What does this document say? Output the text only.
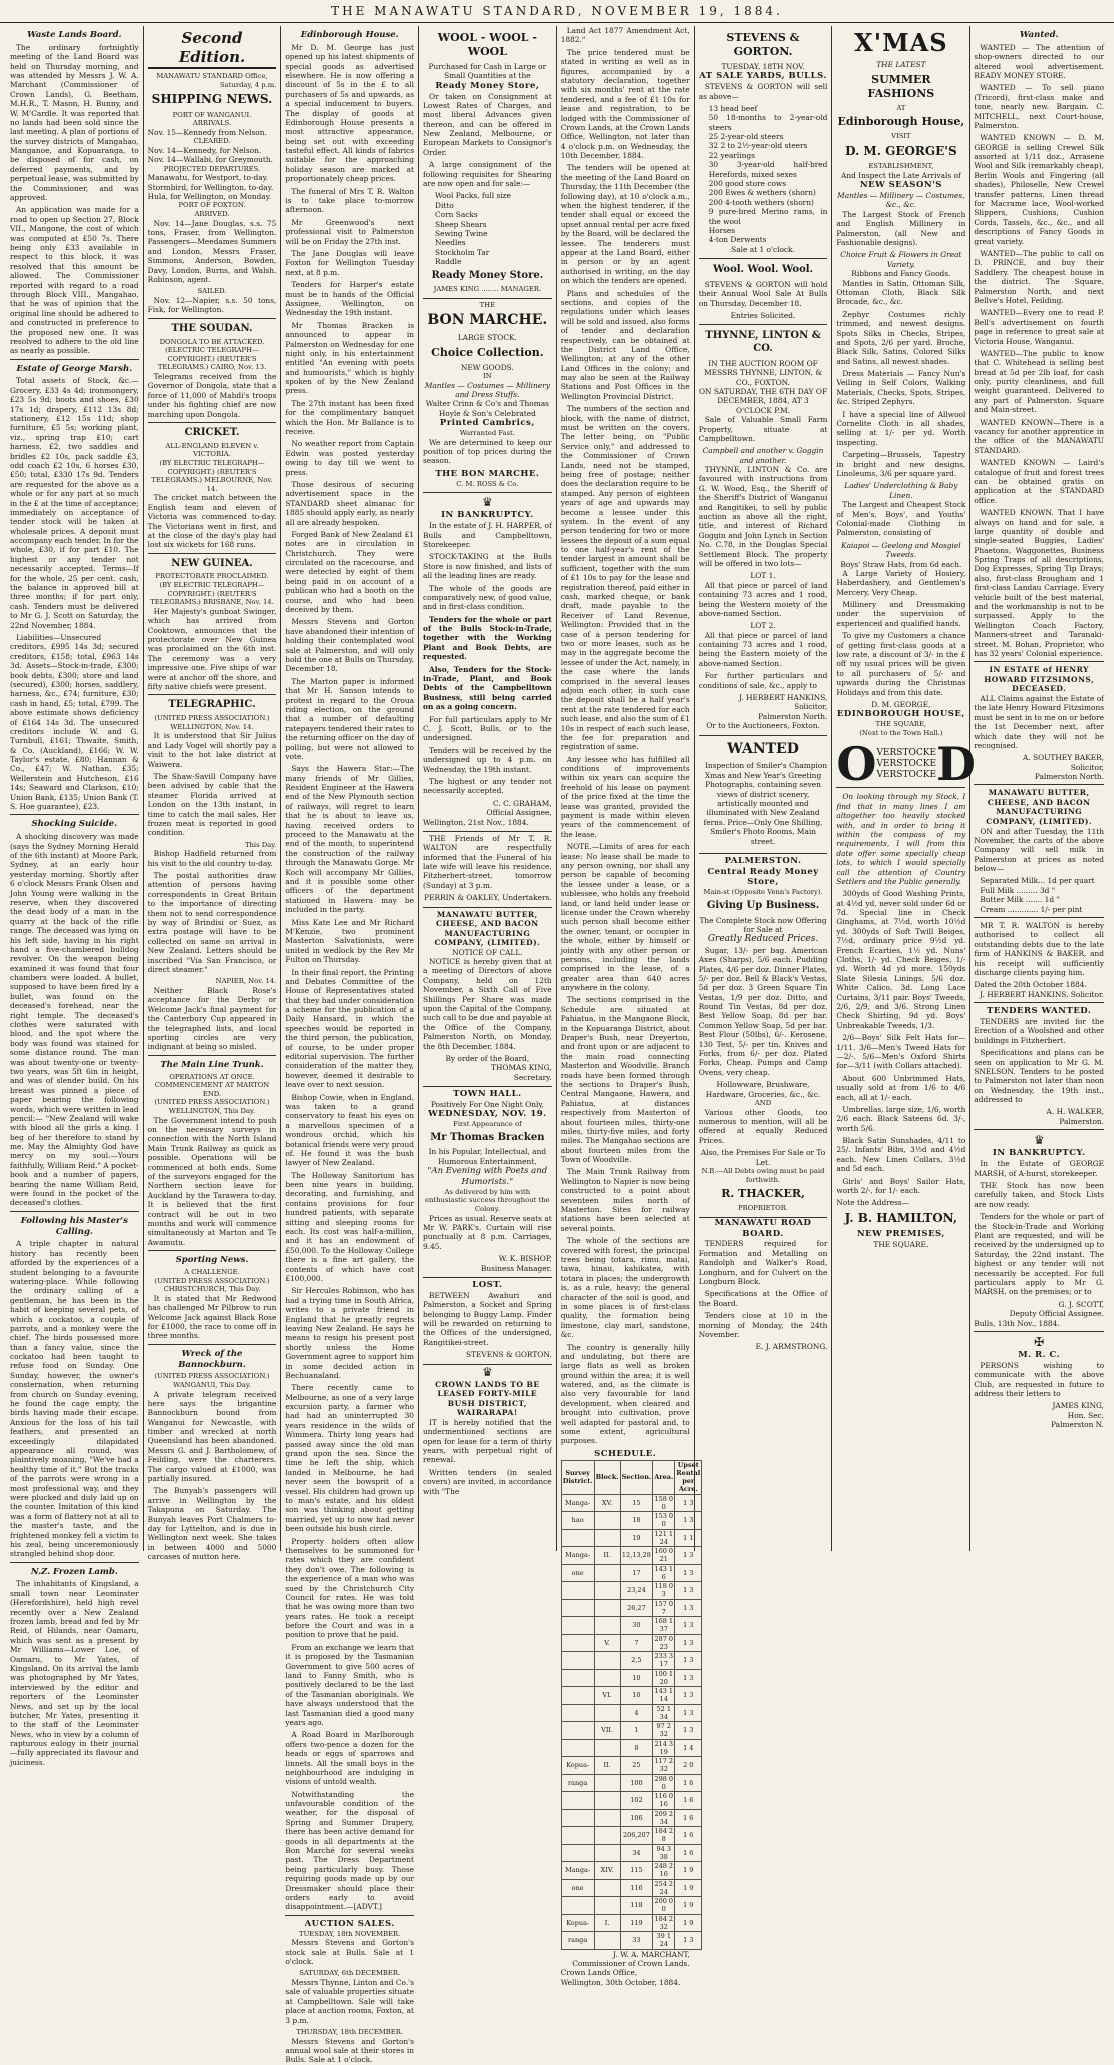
THE MANAWATU STANDARD, NOVEMBER 19, 1884.
Waste Lands Board.

The ordinary fortnightly meeting of the Land Board was held on Thursday morning, and was attended by Messrs J. W. A. Marchant (Commissioner of Crown Lands), G. Beetham, M.H.R., T. Mason, H. Bunny, and W. M'Cardle. It was reported that no lands had been sold since the last meeting. A plan of portions of the survey districts of Mangahao, Manganoe, and Kopuaranga, to be disposed of for cash, on deferred payments, and by perpetual lease, was submitted by the Commissioner, and was approved.

An application was made for a road to open up Section 27, Block VII., Mangone, the cost of which was computed at £50 7s. There being only £33 available in respect to this block, it was resolved that this amount be allowed. The Commissioner reported with regard to a road through Block VIII., Mangahao, that he was of opinion that the original line should be adhered to and constructed in preference to the proposed new one. It was resolved to adhere to the old line as nearly as possible.

Estate of George Marsh.

Total assets of Stock, &c.—Grocery, £33 4s 4d; ironmongery, £23 5s 9d; boots and shoes, £30 17s 1d; drapery, £112 13s 8d; stationery, £12 15s 11d; shop furniture, £5 5s; working plant, viz., spring trap £10; cart harness, £2, two saddles and bridles £2 10s, pack saddle £3, odd coach £2 10s, 6 horses £30, £50; total, £330 17s 9d. Tenders are requested for the above as a whole or for any part at so much in the £ at the time of acceptance; immediately on acceptance of tender stock will be taken at wholesale prices. A deposit must accompany each tender. In for the whole, £30, if for part £10. The highest or any tender not necessarily accepted. Terms—If for the whole, 25 per cent. cash, the balance in approved bill at three months; if for part only, cash. Tenders must be delivered to Mr G. J. Scott on Saturday, the 22nd November, 1884.

Liabilities—Unsecured creditors, £995 14s 3d; secured creditors, £158; total, £963 14s 3d. Assets—Stock-in-trade, £300; book debts, £300; store and land (secured), £300; horses, saddlery, harness, &c., £74; furniture, £30; cash in hand, £5; total, £799. The above estimate shows deficiency of £164 14s 3d. The unsecured creditors include W. and G. Turnbull, £161; Thwaite, Smith, & Co. (Auckland), £166; W. W. Taylor's estate, £80; Hannan & Co., £47; W. Nathan, £35; Wellerstein and Hutcheson, £16 14s; Seaward and Clarkson, £10; Union Bank, £135; Union Bank (T. S. Hoe guarantee), £23.

Shocking Suicide.

A shocking discovery was made (says the Sydney Morning Herald of the 6th instant) at Moore Park, Sydney, at an early hour yesterday morning. Shortly after 6 o'clock Messrs Frank Olsen and John Young were walking in the reserve, when they discovered the dead body of a man in the quarry at the back of the rifle range. The deceased was lying on his left side, having in his right hand a five-chambered bulldog revolver. On the weapon being examined it was found that four chambers were loaded. A bullet, supposed to have been fired by a bullet, was found on the deceased's forehead, near the right temple. The deceased's clothes were saturated with blood, and the spot where the body was found was stained for some distance round. The man was about twenty-one or twenty-two years, was 5ft 6in in height, and was of slender build. On his breast was pinned a piece of paper bearing the following words, which were written in lead pencil:— "New Zealand will wake with blood all the girls a king. I beg of her therefore to stand by me. May the Almighty God have mercy on my soul.—Yours faithfully, William Reid." A pocket-book and a number of papers, bearing the name William Reid, were found in the pocket of the deceased's clothes.

Following his Master's Calling.

A triple chapter in natural history has recently been afforded by the experiences of a student belonging to a favourite watering-place. While following the ordinary calling of a gentleman, he has been in the habit of keeping several pets, of which a cockatoo, a couple of parrots, and a monkey were the chief. The birds possessed more than a fancy value, since the cockatoo had been taught to refuse food on Sunday. One Sunday, however, the owner's consternation, when returning from church on Sunday evening, he found the cage empty, the birds having made their escape. Anxious for the loss of his tail feathers, and presented an exceedingly dilapidated appearance all round, was plaintively moaning, "We've had a healthy time of it." But the tracks of the parrots were wrong in a most professional way, and they were plucked and duly laid up on the counter. Imitation of this kind was a form of flattery not at all to the master's taste, and the frightened monkey fell a victim to his zeal, being unceremoniously strangled behind shop door.

N.Z. Frozen Lamb.

The inhabitants of Kingsland, a small town near Leominster (Herefordshire), held high revel recently over a New Zealand frozen lamb, bread and fed by Mr Reid, of Hilands, near Oamaru, which was sent as a present by Mr Williams—Lower Loe, of Oamaru, to Mr Yates, of Kingsland. On its arrival the lamb was photographed by Mr Yates, interviewed by the editor and reporters of the Leominster News, and set up by the local butcher, Mr Yates, presenting it to the staff of the Leominster News, who in view by a column of rapturous eulogy in their journal—fully appreciated its flavour and juiciness.

Second Edition.
MANAWATU STANDARD Office,
Saturday, 4 p.m.
SHIPPING NEWS.
PORT OF WANGANUI.
ARRIVALS.
Nov. 15—Kennedy from Nelson.
CLEARED.
Nov. 14—Kennedy, for Nelson.
Nov. 14—Wallabi, for Greymouth.
PROJECTED DEPARTURES.
Manawatu, for Westport, to-day.
Stormbird, for Wellington, to-day.
Hula, for Wellington, on Monday.
PORT OF FOXTON.
ARRIVED.

Nov. 14—Jane Douglas, s.s. 75 tons, Fraser, from Wellington. Passengers—Meedames Summers and London, Messrs Fraser, Simmons, Anderson, Bowden, Davy, London, Burns, and Walsh. Robinson, agent.

SAILED.

Nov. 12—Napier, s.s. 50 tons, Fisk, for Wellington.

THE SOUDAN.
DONGOLA TO BE ATTACKED.
(ELECTRIC TELEGRAPH—COPYRIGHT.) (REUTER'S TELEGRAMS.) CAIRO, Nov. 13.

Telegrams received from the Governor of Dongola, state that a force of 11,000 of Mahdi's troops under his fighting chief are now marching upon Dongola.

CRICKET.
ALL-ENGLAND ELEVEN v. VICTORIA.
(BY ELECTRIC TELEGRAPH—COPYRIGHT.) (REUTER'S TELEGRAMS.) MELBOURNE, Nov. 14.

The cricket match between the English team and eleven of Victoria was commenced to-day. The Victorians went in first, and at the close of the day's play had lost six wickets for 168 runs.

NEW GUINEA.
PROTECTORATE PROCLAIMED.
(BY ELECTRIC TELEGRAPH—COPYRIGHT.) (REUTER'S TELEGRAMS.) BRISBANE, Nov. 14.

Her Majesty's gunboat Swinger, which has arrived from Cooktown, announces that the protectorate over New Guinea was proclaimed on the 6th inst. The ceremony was a very impressive one. Five ships of war were at anchor off the shore, and fifty native chiefs were present.

TELEGRAPHIC.
(UNITED PRESS ASSOCIATION.) WELLINGTON, Nov. 14.

It is understood that Sir Julius and Lady Vogel will shortly pay a visit to the hot lake district at Waiwera.

The Shaw-Savill Company have been advised by cable that the steamer Florida arrived at London on the 13th instant, in time to catch the mail sales. Her frozen meat is reported in good condition.

This Day.

Bishop Hadfield returned from his visit to the old country to-day.

The postal authorities draw attention of persons having correspondents in Great Britain to the importance of directing them not to send correspondence by way of Brindisi or Suez, as extra postage will have to be collected on same on arrival in New Zealand. Letters should be inscribed "Via San Francisco, or direct steamer."

NAPIER, Nov. 14.

Neither Black Rose's acceptance for the Derby or Welcome Jack's final payment for the Canterbury Cup appeared in the telegraphed lists, and local sporting circles are very indignant at being so misled.

The Main Line Trunk.
OPERATIONS AT ONCE.
COMMENCEMENT AT MARTON END.
(UNITED PRESS ASSOCIATION.) WELLINGTON, This Day.

The Government intend to push on the necessary surveys in connection with the North Island Main Trunk Railway as quick as possible. Operations will be commenced at both ends. Some of the surveyors engaged for the Northern section leave for Auckland by the Tarawera to-day. It is believed that the first contract will be out in two months and work will commence simultaneously at Marton and Te Awamutu.

Sporting News.
A CHALLENGE.
(UNITED PRESS ASSOCIATION.) CHRISTCHURCH, This Day.

It is stated that Mr Redwood has challenged Mr Pilbrow to run Welcome Jack against Black Rose for £1000, the race to come off in three months.

Wreck of the Bannockburn.
(UNITED PRESS ASSOCIATION.) WANGANUI, This Day.

A private telegram received here says the brigantine Bannockburn bound from Wanganui for Newcastle, with timber and wrecked at north Queensland has been abandoned. Messrs G. and J. Bartholomew, of Feilding, were the charterers. The cargo valued at £1000, was partially insured.

The Bunyah's passengers will arrive in Wellington by the Takapuna on Saturday. The Bunyah leaves Port Chalmers to-day for Lyttelton, and is due in Wellington next week. She takes in between 4000 and 5000 carcases of mutton here.

Edinborough House.

Mr D. M. George has just opened up his latest shipments of special goods as advertised elsewhere. He is now offering a discount of 5s in the £ to all purchasers of 5s and upwards, as a special inducement to buyers. The display of goods at Edinborough House presents a most attractive appearance, being set out with exceeding tasteful effect. All kinds of fabrics suitable for the approaching holiday season are marked at proportionately cheap prices.

The funeral of Mrs T. R. Walton is to take place to-morrow afternoon.

Mr Greenwood's next professional visit to Palmerston will be on Friday the 27th inst.

The Jane Douglas will leave Foxton for Wellington Tuesday next, at 8 p.m.

Tenders for Harper's estate must be in hands of the Official Assignee, Wellington, on Wednesday the 19th instant.

Mr Thomas Bracken is announced to appear in Palmerston on Wednesday for one night only, in his entertainment entitled "An evening with poets and humourists," which is highly spoken of by the New Zealand press.

The 27th instant has been fixed for the complimentary banquet which the Hon. Mr Ballance is to receive.

No weather report from Captain Edwin was posted yesterday owing to day till we went to press.

Those desirous of securing advertisement space in the STANDARD sheet almanac for 1885 should apply early, as nearly all are already bespoken.

Forged Bank of New Zealand £1 notes are in circulation in Christchurch. They were circulated on the racecourse, and were detected by eight of them being paid in on account of a publican who had a booth on the course, and who had been deceived by them.

Messrs Stevens and Gorton have abandoned their intention of holding their contemplated wool sale at Palmerston, and will only hold the one at Bulls on Thursday, December 18.

The Marton paper is informed that Mr H. Sanson intends to protest in regard to the Oroua riding election, on the ground that a number of defaulting ratepayers tendered their rates to the returning officer on the day of polling, but were not allowed to vote.

Says the Hawera Star:—The many friends of Mr Gillies, Resident Engineer at the Hawera end of the New Plymouth section of railways, will regret to learn that he is about to leave us, having received orders to proceed to the Manawatu at the end of the month, to superintend the construction of the railway through the Manawatu Gorge. Mr Koch will accompany Mr Gillies, and it is possible some other officers of the department stationed in Hawera may be included in the party.

Miss Kate Lee and Mr Richard M'Kenzie, two prominent Masterton Salvationists, were united in wedlock by the Rev Mr Fulton on Thursday.

In their final report, the Printing and Debates Committee of the House of Representatives stated that they had under consideration a scheme for the publication of a Daily Hansard, in which the speeches would be reported in the third person, the publication, of course, to be under proper editorial supervision. The further consideration of the matter they, however, deemed it desirable to leave over to next session.

Bishop Cowie, when in England, was taken to a grand conservatory to feast his eyes on a marvellous specimen of a wondrous orchid, which his botanical friends were very proud of. He found it was the bush lawyer of New Zealand.

The Holloway Sanitorium has been nine years in building, decorating, and furnishing, and contains provisions for four hundred patients, with separate sitting and sleeping rooms for each. Its cost was half-a-million, and it has an endowment of £50,000. To the Holloway College there is a fine art gallery, the contents of which have cost £100,000.

Sir Hercules Robinson, who has had a trying time in South Africa, writes to a private friend in England that he greatly regrets leaving New Zealand. He says he means to resign his present post shortly unless the Home Government agree to support him in some decided action in Bechuanaland.

There recently came to Melbourne, as one of a very large excursion party, a farmer who had had an uninterrupted 30 years residence in the wilds of Wimmera. Thirty long years had passed away since the old man grand upon the sea. Since the time he left the ship, which landed in Melbourne, he had never seen the bowsprit of a vessel. His children had grown up to man's estate, and his oldest son was thinking about getting married, yet up to now had never been outside his bush circle.

Property holders often allow themselves to be summoned for rates which they are confident they don't owe. The following is the experience of a man who was sued by the Christchurch City Council for rates. He was told that he was owing more than two years rates. He took a receipt before the Court and was in a position to prove that he paid.

From an exchange we learn that it is proposed by the Tasmanian Government to give 500 acres of land to Fanny Smith, who is positively declared to be the last of the Tasmanian aboriginals. We have always understood that the last Tasmanian died a good many years ago.

A Road Board in Marlborough offers two-pence a dozen for the heads or eggs of sparrows and linnets. All the small boys in the neighbourhood are indulging in visions of untold wealth.

Notwithstanding the unfavourable condition of the weather, for the disposal of Spring and Summer Drapery, there has been active demand for goods in all departments at the Bon Marché for several weeks past. The Dress Department being particularly busy. Those requiring goods made up by our Dressmaker should place their orders early to avoid disappointment.—[ADVT.]

AUCTION SALES.
TUESDAY, 18th NOVEMBER.

Messrs Stevens and Gorton's stock sale at Bulls. Sale at 1 o'clock.

SATURDAY, 6th DECEMBER.

Messrs Thynne, Linton and Co.'s sale of valuable properties situate at Campbelltown. Sale will take place at auction rooms, Foxton, at 3 p.m.

THURSDAY, 18th DECEMBER.

Messrs Stevens and Gorton's annual wool sale at their stores in Bulls. Sale at 1 o'clock.

WOOL - WOOL - WOOL
Purchased for Cash in Large or Small Quantities at the
Ready Money Store,

Or taken on Consignment at Lowest Rates of Charges, and most liberal Advances given thereon, and can be offered in New Zealand, Melbourne, or European Markets to Consignor's Order.

A large consignment of the following requisites for Shearing are now open and for sale:—

Wool Packs, full size
Ditto
Corn Sacks
Sheep Shears
Sewing Twine
Needles
Stockholm Tar
Raddle
Ready Money Store.
JAMES KING ........ MANAGER.
THE
BON MARCHE.
LARGE STOCK.
Choice Collection.
NEW GOODS.
IN
Mantles — Costumes — Millinery and Dress Stuffs.
Walter Crinn & Co's and Thomas Hoyle & Son's Celebrated
Printed Cambrics,
Warranted Fast.

We are determined to keep our position of top prices during the season.

THE BON MARCHE.
C. M. ROSS & Co.
♛
IN BANKRUPTCY.

In the estate of J. H. HARPER, of Bulls and Campbelltown, Storekeeper.

STOCK-TAKING at the Bulls Store is now finished, and lists of all the leading lines are ready.

The whole of the goods are comparatively new, of good value, and in first-class condition.

Tenders for the whole or part of the Bulls Stock-in-Trade, together with the Working Plant and Book Debts, are requested.

Also, Tenders for the Stock-in-Trade, Plant, and Book Debts of the Campbelltown Business, still being carried on as a going concern.

For full particulars apply to Mr C. J. Scott, Bulls, or to the undersigned.

Tenders will be received by the undersigned up to 4 p.m. on Wednesday, the 19th instant.

The highest or any tender not necessarily accepted.

C. C. GRAHAM,
Official Assignee,
Wellington, 21st Nov., 1884.

THE Friends of Mr T. R. WALTON are respectfully informed that the Funeral of his late wife will leave his residence, Fitzherbert-street, tomorrow (Sunday) at 3 p.m.

PERRIN & OAKLEY, Undertakers.
MANAWATU BUTTER, CHEESE, AND BACON MANUFACTURING COMPANY, (LIMITED).
NOTICE OF CALL.

NOTICE is hereby given that at a meeting of Directors of above Company, held on 12th November, a Sixth Call of Five Shillings Per Share was made upon the Capital of the Company, such call to be due and payable at the Office of the Company, Palmerston North, on Monday, the 8th December, 1884.

By order of the Board,
THOMAS KING,
Secretary.
TOWN HALL.
Positively For One Night Only,
WEDNESDAY, NOV. 19.
First Appearance of
Mr Thomas Bracken
In his Popular, Intellectual, and Humorous Entertainment,
"An Evening with Poets and Humorists."
As delivered by him with enthusiastic success throughout the Colony.

Prices as usual. Reserve seats at Mr W. PARK's. Curtain will rise punctually at 8 p.m. Carriages, 9.45.

W. K. BISHOP,
Business Manager.
LOST.

BETWEEN Awahuri and Palmerston, a Socket and Spring belonging to Buggy Lamp. Finder will be rewarded on returning to the Offices of the undersigned, Rangitikei-street.

STEVENS & GORTON.
♛
CROWN LANDS TO BE LEASED FORTY-MILE BUSH DISTRICT, WAIRARAPA!

IT is hereby notified that the undermentioned sections are open for lease for a term of thirty years, with perpetual right of renewal.

Written tenders (in sealed covers) are invited, in accordance with "The

Land Act 1877 Amendment Act, 1882."

The price tendered must be stated in writing as well as in figures, accompanied by a statutory declaration, together with six months' rent at the rate tendered, and a fee of £1 10s for lease and registration, to be lodged with the Commissioner of Crown Lands, at the Crown Lands Office, Wellington, not later than 4 o'clock p.m. on Wednesday, the 10th December, 1884.

The tenders will be opened at the meeting of the Land Board on Thursday, the 11th December (the following day), at 10 o'clock a.m., when the highest tenderer, if the tender shall equal or exceed the upset annual rental per acre fixed by the Board, will be declared the lessee. The tenderers must appear at the Land Board, either in person or by an agent authorised in writing, on the day on which the tenders are opened.

Plans and schedules of the sections, and copies of the regulations under which leases will be sold and issued, also forms of tender and declaration respectively, can be obtained at the District Land Office, Wellington; at any of the other Land Offices in the colony; and may also be seen at the Railway Stations and Post Offices in the Wellington Provincial District.

The numbers of the section and block, with the name of district, must be written on the covers. The letter being, on "Public Service only," and addressed to the Commissioner of Crown Lands, need not be stamped, being free of postage; neither does the declaration require to be stamped. Any person of eighteen years of age and upwards may become a lessee under this system. In the event of any person tendering for two or more lessees the deposit of a sum equal to one half-year's rent of the tender largest in amount shall be sufficient, together with the sum of £1 10s to pay for the lease and registration thereof, paid either in cash, marked cheque, or bank draft, made payable to the Receiver of Land Revenue, Wellington: Provided that in the case of a person tendering for two or more leases, such as he may in the aggregate become the lessee of under the Act, namely, in the case where the lands comprised in the several leases adjoin each other, in such case the deposit shall be a half year's rent at the rate tendered for each such lease, and also the sum of £1 10s in respect of each such lease, the fee for preparation and registration of same.

Any lessee who has fulfilled all conditions of improvements within six years can acquire the freehold of his lease on payment of the price fixed at the time the lease was granted, provided the payment is made within eleven years of the commencement of the lease.

NOTE.—Limits of area for each lease: No lease shall be made to any person owning, nor shall any person be capable of becoming the lessee under a lease, or a sublessee, who holds any freehold land, or land held under lease or license under the Crown whereby such person shall become either the owner, tenant, or occupier in the whole, either by himself or jointly with any other person or persons, including the lands comprised in the lease, of a greater area than 640 acres anywhere in the colony.

The sections comprised in the Schedule are situated at Pahiatua, in the Mangaone Block, in the Kopuaranga District, about Draper's Bush, near Dreyerton, and front upon or are adjacent to the main road connecting Masterton and Woodville. Branch roads have been formed through the sections to Draper's Bush, Central Mangaone, Hawera, and Pahiatua, at distances respectively from Masterton of about fourteen miles, thirty-one miles, thirty-five miles, and forty miles. The Mangahao sections are about fourteen miles from the Town of Woodville.

The Main Trunk Railway from Wellington to Napier is now being constructed to a point about seventeen miles north of Masterton. Sites for railway stations have been selected at several points.

The whole of the sections are covered with forest, the principal trees being totara, rimu, matai, tawa, hinau, kahikatea, with totara in places; the undergrowth is, as a rule, heavy; the general character of the soil is good, and in some places is of first-class quality, the formation being limestone, clay marl, sandstone, &c.

The country is generally hilly and undulating, but there are large flats as well as broken ground within the area; it is well watered, and, as the climate is also very favourable for land development, when cleared and brought into cultivation, prove well adapted for pastoral and, to some extent, agricultural purposes.

SCHEDULE.
Survey District.	Block.	Section.	Area.	Upset Rental per Acre.
Manga-	XV.	15	158 0 0	1 3
hao		18	153 0 0	1 3
		19	121 1 24	1 1
Manga-	II.	12,13,28	160 0 21	1 3
one		17	143 1 6	1 3
		23,24	118 0 3	1 3
		26,27	157 0 7	1 3
		30	168 1 37	1 3
	V.	7	287 0 23	1 3
		2,5	233 3 17	1 3
		10	100 1 20	1 3
	VI.	10	143 1 14	1 3
		4	52 1 34	1 3
	VII.	1	97 2 32	1 3
		8	214 3 19	1 4
Kopua-	II.	25	117 2 32	2 0
ranga		100	298 0 0	1 6
		102	116 0 16	1 6
		106	209 2 34	1 6
		206,207	184 2 8	1 6
		34	94 3 38	1 6
Manga-	XIV.	115	248 2 16	1 9
one		116	254 2 24	1 9
		118	200 0 0	1 9
Kopua-	I.	119	184 2 32	1 9
ranga		33	39 1 24	1 3
J. W. A. MARCHANT,
Commissioner of Crown Lands.
Crown Lands Office,
Wellington, 30th October, 1884.
STEVENS & GORTON.
TUESDAY, 18TH NOV.
AT SALE YARDS, BULLS.

STEVENS & GORTON will sell as above—

13 head beef
50 18-months to 2-year-old steers
25 2-year-old steers
32 2 to 2½-year-old steers
22 yearlings
30 3-year-old half-bred Herefords, mixed sexes
200 good store cows
200 Ewes & wethers (shorn)
200 4-tooth wethers (shorn)
9 pure-bred Merino rams, in the wool
Horses
4-ton Derwents
Sale at 1 o'clock.
Wool. Wool. Wool.

STEVENS & GORTON will hold their Annual Wool Sale At Bulls on Thursday, December 18.

Entries Solicited.
THYNNE, LINTON & CO.
IN THE AUCTION ROOM OF MESSRS THYNNE, LINTON, & CO., FOXTON.
ON SATURDAY, THE 6TH DAY OF DECEMBER, 1884, AT 3 O'CLOCK P.M.

Sale of Valuable Small Farm Property, situate at Campbelltown.

Campbell and another v. Goggin and another.

THYNNE, LINTON & Co. are favoured with instructions from G. W. Wood, Esq., the Sheriff of the Sheriff's District of Wanganui and Rangitikei, to sell by public auction as above all the right, title, and interest of Richard Goggin and John Lynch in Section No. C.78, in the Douglas Special Settlement Block. The property will be offered in two lots—

LOT 1.

All that piece or parcel of land containing 73 acres and 1 rood, being the Western moiety of the above-named Section.

LOT 2.

All that piece or parcel of land containing 73 acres and 1 rood, being the Eastern moiety of the above-named Section.

For further particulars and conditions of sale, &c., apply to

J. HERBERT HANKINS,
Solicitor,
Palmerston North.
Or to the Auctioneers, Foxton.
WANTED

Inspection of Smiler's Champion Xmas and New Year's Greeting Photographs, containing seven views of district scenery, artistically mounted and illuminated with New Zealand ferns. Price—Only One Shilling, Smiler's Photo Rooms, Main street.

PALMERSTON.
Central Ready Money Store,
Main-st (Opposite Venn's Factory).
Giving Up Business.
The Complete Stock now Offering for Sale at
Greatly Reduced Prices.

Sugar, 13/- per bag. American Axes (Sharps), 5/6 each. Pudding Plates, 4/6 per doz. Dinner Plates, 5/- per doz. Bell & Black's Vestas, 5d per doz. 3 Green Square Tin Vestas, 1/9 per doz. Ditto, and Round Tin Vestas, 8d per doz. Best Yellow Soap, 8d per bar. Common Yellow Soap, 5d per bar. Best Flour (50lbs), 6/-. Kerosene, 130 Test, 5/- per tin. Knives and Forks, from 6/- per doz. Plated Forks, Cheap. Pumps and Camp Ovens, very cheap.

Hollowware, Brushware, Hardware, Groceries, &c., &c.
AND

Various other Goods, too numerous to mention, will all be offered at equally Reduced Prices.

Also, the Premises For Sale or To Let.
N.B.—All Debts owing must be paid forthwith.
R. THACKER,
PROPRIETOR.
MANAWATU ROAD BOARD.

TENDERS required for Formation and Metalling on Randolph and Walker's Road, Longburn, and for Culvert on the Longburn Block.

Specifications at the Office of the Board.

Tenders close at 10 in the morning of Monday, the 24th November.

E. J. ARMSTRONG.
X'MAS
THE LATEST
SUMMER FASHIONS
AT
Edinborough House,
VISIT
D. M. GEORGE'S
ESTABLISHMENT,
And Inspect the Late Arrivals of
NEW SEASON'S
Mantles — Millinery — Costumes, &c., &c.

The Largest Stock of French and English Millinery in Palmerston, (all New and Fashionable designs).

Choice Fruit & Flowers in Great Variety.
Ribbons and Fancy Goods.

Mantles in Satin, Ottoman Silk, Ottoman Cloth, Black Silk Brocade, &c., &c.

Zephyr Costumes richly trimmed, and newest designs. Spots Silks in Checks, Stripes, and Spots, 2/6 per yard. Broche, Black Silk, Satins, Colored Silks and Satins, all newest shades.

Dress Materials — Fancy Nun's Veiling in Self Colors, Walking Materials, Checks, Spots, Stripes, &c. Striped Zephyrs.

I have a special line of Allwool Cornelite Cloth in all shades, selling at 1/- per yd. Worth inspecting.

Carpeting—Brussels, Tapestry in bright and new designs, Linoleums, 3/6 per square yard.

Ladies' Underclothing & Baby Linen.

The Largest and Cheapest Stock of Men's, Boys', and Youths' Colonial-made Clothing in Palmerston, consisting of

Kaiapoi — Geelong and Mosgiel Tweeds.
Boys' Straw Hats, from 6d each.

A Large Variety of Hosiery, Haberdashery, and Gentlemen's Mercery, Very Cheap.

Millinery and Dressmaking under the supervision of experienced and qualified hands.

To give my Customers a chance of getting first-class goods at a low rate, a discount of 3/- in the £ off my usual prices will be given to all purchasers of 5/- and upwards during the Christmas Holidays and from this date.

D. M. GEORGE,
EDINBOROUGH HOUSE,
THE SQUARE,
(Next to the Town Hall.)
O VERSTOCKE
VERSTOCKE
VERSTOCKE D

On looking through my Stock, I find that in many lines I am altogether too heavily stocked with, and in order to bring it within the compass of my requirements, I will from this date offer some specially cheap lots, to which I would specially call the attention of Country Settlers and the Public generally.

300yds of Good Washing Prints, at 4½d yd, never sold under 6d or 7d. Special line in Check Ginghams, at 7½d, worth 10½d yd. 300yds of Soft Twill Beiges, 7½d, ordinary price 9½d yd. French Ecarties, 1½ yd. Nuns' Cloths, 1/- yd. Check Beiges, 1/- yd. Worth 4d yd more. 150yds Slate Silesia Linings, 5/6 doz. White Calico, 3d. Long Lace Curtains, 3/11 pair. Boys' Tweeds, 2/6, 2/9, and 3/6. Strong Linen Check Shirting, 9d yd. Boys' Unbreakable Tweeds, 1/3.

2/6—Boys' Silk Felt Hats for—1/11. 3/6—Men's Tweed Hats for—2/-. 5/6—Men's Oxford Shirts for—3/11 (with Collars attached).

About 600 Unbrimmed Hats, usually sold at from 1/6 to 4/6 each, all at 1/- each.

Umbrellas, large size, 1/6, worth 2/6 each. Black Sateens 6d. 3/-, worth 5/6.

Black Satin Sunshades, 4/11 to 25/. Infants' Bibs, 3½d and 4½d each. New Linen Collars, 3½d and 5d each.

Girls' and Boys' Sailor Hats, worth 2/-, for 1/- each.

Note the Address—
J. B. HAMILTON,
NEW PREMISES,
THE SQUARE.
Wanted.

WANTED — The attention of shop-owners directed to our altered wool advertisement. READY MONEY STORE.

WANTED — To sell piano (Tricord), first-class make and tone, nearly new. Bargain. C. MITCHELL, next Court-house, Palmerston.

WANTED KNOWN — D. M. GEORGE is selling Crewel Silk assorted at 1/11 doz., Arrasene Wool and Silk (remarkably cheap), Berlin Wools and Fingering (all shades), Philoselle, New Crewel transfer patterns, Linen thread for Macrame lace, Wool-worked Slippers, Cushions, Cushion Cords, Tassels, &c., &c., and all descriptions of Fancy Goods in great variety.

WANTED—The public to call on D. PRINCE, and buy their Saddlery. The cheapest house in the district. The Square, Palmerston North, and next Bellve's Hotel, Feilding.

WANTED—Every one to read P. Bell's advertisement on fourth page in reference to great sale at Victoria House, Wanganui.

WANTED—The public to know that C. Whitehead is selling best bread at 5d per 2lb loaf, for cash only, purity cleanliness, and full weight guaranteed. Delivered to any part of Palmerston. Square and Main-street.

WANTED KNOWN—There is a vacancy for another apprentice in the office of the MANAWATU STANDARD.

WANTED KNOWN — Laird's catalogue of fruit and forest trees can be obtained gratis on application at the STANDARD office.

WANTED KNOWN. That I have always on hand and for sale, a large quantity of double and single-seated Buggies, Ladies' Phaetons, Waggonettes, Business Spring Traps of all descriptions, Dog Expresses, Spring Tip Drays; also, first-class Brougham and 1 first-class Landau Carriage. Every vehicle built of the best material, and the workmanship is not to be surpassed. Apply to the Wellington Coach Factory, Manners-street and Taranaki-street. M. Bohan, Proprietor, who has 32 years' Colonial experience.

IN ESTATE of HENRY HOWARD FITZSIMONS, DECEASED.

ALL Claims against the Estate of the late Henry Howard Fitzsimons must be sent in to me on or before the 1st December next, after which date they will not be recognised.

A. SOUTHEY BAKER,
Solicitor,
Palmerston North.
MANAWATU BUTTER, CHEESE, AND BACON MANUFACTURING COMPANY, (LIMITED).

ON and after Tuesday, the 11th November, the carts of the above Company will sell milk in Palmerston at prices as noted below—

Separated Milk... 1d per quart
Full Milk ......... 3d "
Butter Milk ....... 1d "
Cream ............. 1/- per pint

MR T. R. WALTON is hereby authorised to collect all outstanding debts due to the late firm of HANKINS & BAKER, and his receipt will sufficiently discharge clients paying him.

Dated the 20th October 1884.
J. HERBERT HANKINS, Solicitor.
TENDERS WANTED.

TENDERS are invited for the Erection of a Woolshed and other buildings in Fitzherbert.

Specifications and plans can be seen on application to Mr G. M. SNELSON. Tenders to be posted to Palmerston not later than noon on Wednesday, the 19th inst., addressed to

A. H. WALKER,
Palmerston.
♛
IN BANKRUPTCY.

In the Estate of GEORGE MARSH, of A-hurst, storekeeper.

THE Stock has now been carefully taken, and Stock Lists are now ready.

Tenders for the whole or part of the Stock-in-Trade and Working Plant are requested, and will be received by the undersigned up to Saturday, the 22nd instant. The highest or any tender will not necessarily be accepted. For full particulars apply to Mr G. MARSH, on the premises; or to

G. J. SCOTT,
Deputy Official Assignee.
Bulls, 13th Nov., 1884.
✠
M. R. C.

PERSONS wishing to communicate with the above Club, are requested in future to address their letters to

JAMES KING,
Hon. Sec.
Palmerston N.
